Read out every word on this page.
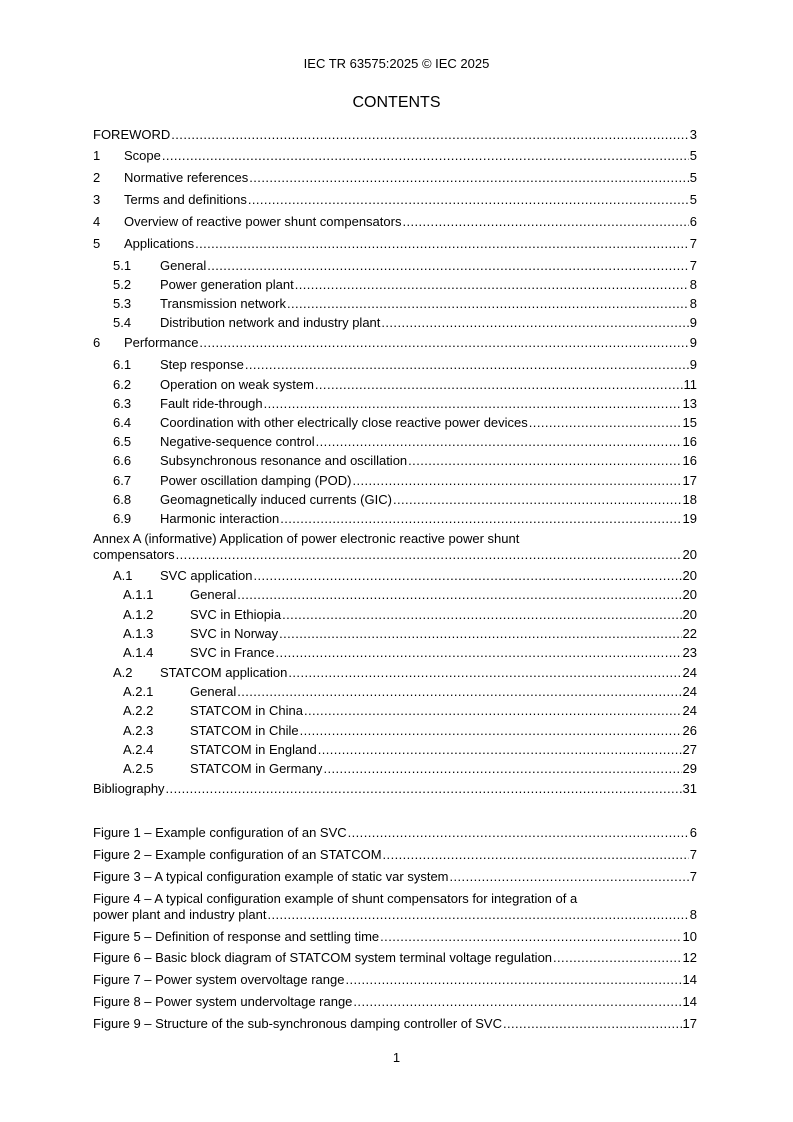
IEC TR 63575:2025 © IEC 2025
CONTENTS
FOREWORD .....	3
1 Scope .....	5
2 Normative references .....	5
3 Terms and definitions .....	5
4 Overview of reactive power shunt compensators .....	6
5 Applications .....	7
5.1 General .....	7
5.2 Power generation plant .....	8
5.3 Transmission network .....	8
5.4 Distribution network and industry plant .....	9
6 Performance .....	9
6.1 Step response .....	9
6.2 Operation on weak system .....	11
6.3 Fault ride-through .....	13
6.4 Coordination with other electrically close reactive power devices .....	15
6.5 Negative-sequence control .....	16
6.6 Subsynchronous resonance and oscillation .....	16
6.7 Power oscillation damping (POD) .....	17
6.8 Geomagnetically induced currents (GIC) .....	18
6.9 Harmonic interaction .....	19
Annex A (informative) Application of power electronic reactive power shunt
compensators .....	20
A.1 SVC application .....	20
A.1.1	General .....	20
A.1.2	SVC in Ethiopia .....	20
A.1.3	SVC in Norway .....	22
A.1.4	SVC in France .....	23
A.2 STATCOM application .....	24
A.2.1	General .....	24
A.2.2	STATCOM in China .....	24
A.2.3	STATCOM in Chile .....	26
A.2.4	STATCOM in England .....	27
A.2.5	STATCOM in Germany .....	29
Bibliography .....	31
Figure 1 – Example configuration of an SVC .....	6
Figure 2 – Example configuration of an STATCOM .....	7
Figure 3 – A typical configuration example of static var system .....	7
Figure 4 – A typical configuration example of shunt compensators for integration of a
power plant and industry plant .....	8
Figure 5 – Definition of response and settling time .....	10
Figure 6 – Basic block diagram of STATCOM system terminal voltage regulation .....	12
Figure 7 – Power system overvoltage range .....	14
Figure 8 – Power system undervoltage range .....	14
Figure 9 – Structure of the sub-synchronous damping controller of SVC .....	17
1
